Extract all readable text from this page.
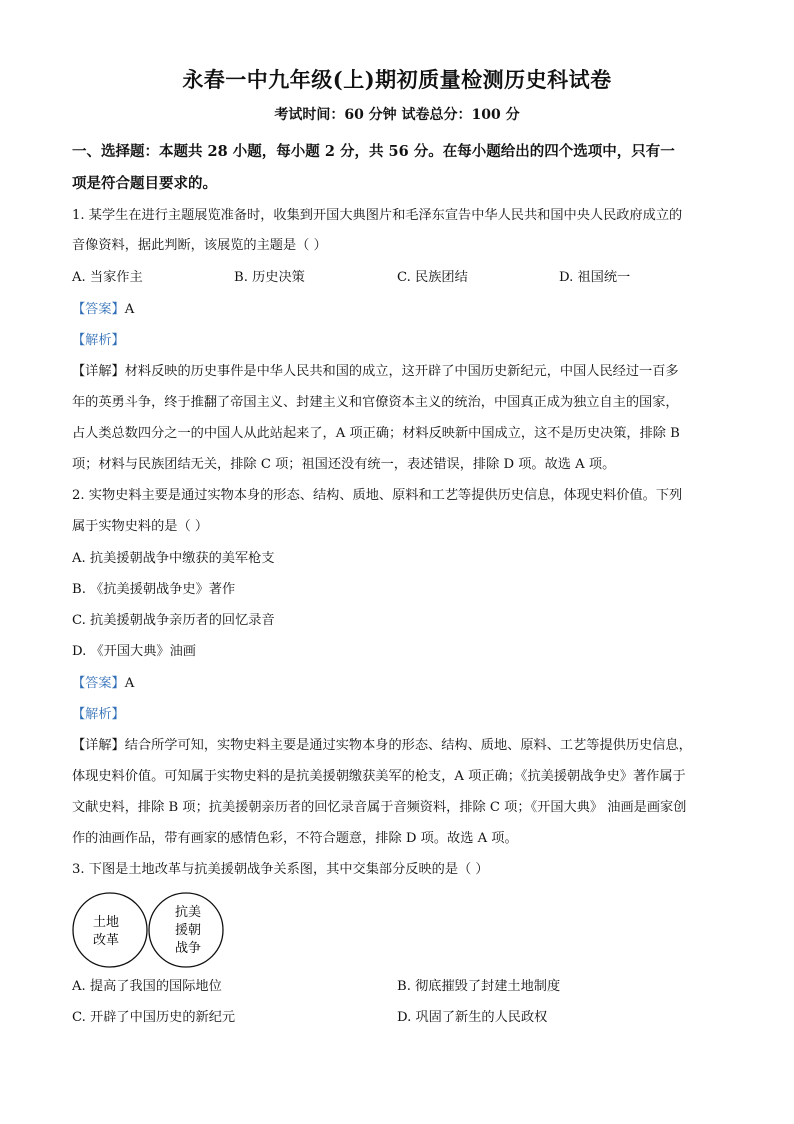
永春一中九年级(上)期初质量检测历史科试卷
考试时间：60 分钟 试卷总分：100 分
一、选择题：本题共 28 小题，每小题 2 分，共 56 分。在每小题给出的四个选项中，只有一
项是符合题目要求的。
1. 某学生在进行主题展览准备时，收集到开国大典图片和毛泽东宣告中华人民共和国中央人民政府成立的
音像资料，据此判断，该展览的主题是（ ）
A. 当家作主	B. 历史决策	C. 民族团结	D. 祖国统一
【答案】A
【解析】
【详解】材料反映的历史事件是中华人民共和国的成立，这开辟了中国历史新纪元，中国人民经过一百多
年的英勇斗争，终于推翻了帝国主义、封建主义和官僚资本主义的统治，中国真正成为独立自主的国家，
占人类总数四分之一的中国人从此站起来了，A 项正确；材料反映新中国成立，这不是历史决策，排除 B
项；材料与民族团结无关，排除 C 项；祖国还没有统一，表述错误，排除 D 项。故选 A 项。
2. 实物史料主要是通过实物本身的形态、结构、质地、原料和工艺等提供历史信息，体现史料价值。下列
属于实物史料的是（ ）
A. 抗美援朝战争中缴获的美军枪支
B. 《抗美援朝战争史》著作
C. 抗美援朝战争亲历者的回忆录音
D. 《开国大典》油画
【答案】A
【解析】
【详解】结合所学可知，实物史料主要是通过实物本身的形态、结构、质地、原料、工艺等提供历史信息，
体现史料价值。可知属于实物史料的是抗美援朝缴获美军的枪支，A 项正确；《抗美援朝战争史》著作属于
文献史料，排除 B 项；抗美援朝亲历者的回忆录音属于音频资料，排除 C 项；《开国大典》 油画是画家创
作的油画作品，带有画家的感情色彩，不符合题意，排除 D 项。故选 A 项。
3. 下图是土地改革与抗美援朝战争关系图，其中交集部分反映的是（ ）
土地
改革
抗美
援朝
战争
A. 提高了我国的国际地位	B. 彻底摧毁了封建土地制度
C. 开辟了中国历史的新纪元	D. 巩固了新生的人民政权
